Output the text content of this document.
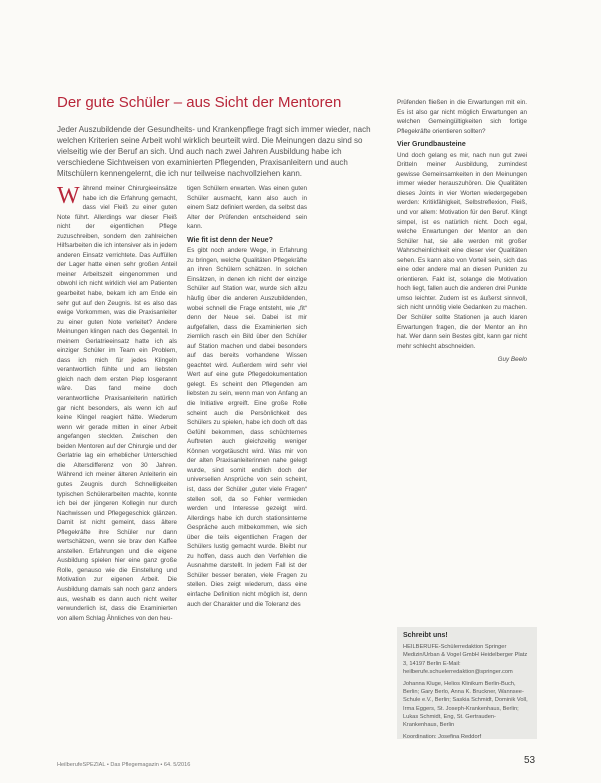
Der gute Schüler – aus Sicht der Mentoren

Jeder Auszubildende der Gesundheits- und Krankenpflege fragt sich immer wieder, nach welchen Kriterien seine Arbeit wohl wirklich beurteilt wird. Die Meinungen dazu sind so vielseitig wie der Beruf an sich. Und auch nach zwei Jahren Ausbildung habe ich verschiedene Sichtweisen von examinierten Pflegenden, Praxisanleitern und auch Mitschülern kennengelernt, die ich nur teilweise nachvollziehen kann.

W ährend meiner Chirurgieeinsätze habe ich die Erfahrung gemacht, dass viel Fleiß zu einer guten Note führt. Allerdings war dieser Fleiß nicht der eigentlichen Pflege zuzuschreiben, sondern den zahlreichen Hilfsarbeiten die ich intensiver als in jedem anderen Einsatz verrichtete. Das Auffüllen der Lager hatte einen sehr großen Anteil meiner Arbeitszeit eingenommen und obwohl ich nicht wirklich viel am Patienten gearbeitet habe, bekam ich am Ende ein sehr gut auf den Zeugnis. Ist es also das ewige Vorkommen, was die Praxisanleiter zu einer guten Note verleitet? Andere Meinungen klingen nach des Gegenteil. In meinem Gerlatrieeinsatz hatte ich als einziger Schüler im Team ein Problem, dass ich mich für jedes Klingeln verantwortlich fühlte und am liebsten gleich nach dem ersten Piep losgerannt wäre. Das fand meine doch verantwortliche Praxisanleiterin natürlich gar nicht besonders, als wenn ich auf keine Klingel reagiert hätte. Wiederum wenn wir gerade mitten in einer Arbeit angefangen steckten. Zwischen den beiden Mentoren auf der Chirurgie und der Gerlatrie lag ein erheblicher Unterschied die Altersdifferenz von 30 Jahren. Während ich meiner älteren Anleiterin ein gutes Zeugnis durch Schnelligkeiten typischen Schülerarbeiten machte, konnte ich bei der jüngeren Kollegin nur durch Nachwissen und Pflegegeschick glänzen. Damit ist nicht gemeint, dass ältere Pflegekräfte ihre Schüler nur dann wertschätzen, wenn sie brav den Kaffee anstellen. Erfahrungen und die eigene Ausbildung spielen hier eine ganz große Rolle, genauso wie die Einstellung und Motivation zur eigenen Arbeit. Die Ausbildung damals sah noch ganz anders aus, weshalb es dann auch nicht weiter verwunderlich ist, dass die Examinierten von allem Schlag Ähnliches von den heu-

tigen Schülern erwarten. Was einen guten Schüler ausmacht, kann also auch in einem Satz definiert werden, da selbst das Alter der Prüfenden entscheidend sein kann.

Wie fit ist denn der Neue?

Es gibt noch andere Wege, in Erfahrung zu bringen, welche Qualitäten Pflegekräfte an ihren Schülern schätzen. In solchen Einsätzen, in denen ich nicht der einzige Schüler auf Station war, wurde sich allzu häufig über die anderen Auszubildenden, wobei schnell die Frage entsteht, wie „fit“ denn der Neue sei. Dabei ist mir aufgefallen, dass die Examinierten sich ziemlich rasch ein Bild über den Schüler auf Station machen und dabei besonders auf das bereits vorhandene Wissen geachtet wird. Außerdem wird sehr viel Wert auf eine gute Pflegedokumentation gelegt. Es scheint den Pflegenden am liebsten zu sein, wenn man von Anfang an die Initiative ergreift. Eine große Rolle scheint auch die Persönlichkeit des Schülers zu spielen, habe ich doch oft das Gefühl bekommen, dass schüchternes Auftreten auch gleichzeitig weniger Können vorgetäuscht wird. Was mir von der alten Praxisanleiterinnen nahe gelegt wurde, sind somit endlich doch der universellen Ansprüche von sein scheint, ist, dass der Schüler „guter viele Fragen“ stellen soll, da so Fehler vermieden werden und Interesse gezeigt wird. Allerdings habe ich durch stationsinterne Gespräche auch mitbekommen, wie sich über die teils eigentlichen Fragen der Schülers lustig gemacht wurde. Bleibt nur zu hoffen, dass auch den Verfehlen die Ausnahme darstellt. In jedem Fall ist der Schüler besser beraten, viele Fragen zu stellen. Dies zeigt wiederum, dass eine einfache Definition nicht möglich ist, denn auch der Charakter und die Toleranz des

Prüfenden fließen in die Erwartungen mit ein. Es ist also gar nicht möglich Erwartungen an welchen Gemeingültigkeiten sich fortige Pflegekräfte orientieren sollten?

Vier Grundbausteine

Und doch gelang es mir, nach nun gut zwei Dritteln meiner Ausbildung, zumindest gewisse Gemeinsamkeiten in den Meinungen immer wieder herauszuhören. Die Qualitäten dieses Joints in vier Worten wiedergegeben werden: Kritikfähigkeit, Selbstreflexion, Fleiß, und vor allem: Motivation für den Beruf. Klingt simpel, ist es natürlich nicht. Doch egal, welche Erwartungen der Mentor an den Schüler hat, sie alle werden mit großer Wahrscheinlichkeit eine dieser vier Qualitäten sehen. Es kann also von Vorteil sein, sich das eine oder andere mal an diesen Punkten zu orientieren. Fakt ist, solange die Motivation hoch liegt, fallen auch die anderen drei Punkte umso leichter. Zudem ist es äußerst sinnvoll, sich nicht unnötig viele Gedanken zu machen. Der Schüler sollte Stationen ja auch klaren Erwartungen fragen, die der Mentor an ihn hat. Wer dann sein Bestes gibt, kann gar nicht mehr schlecht abschneiden.

Guy Beelo

Schreibt uns!

HEILBERUFE-Schülerredaktion Springer Medizin/Urban & Vogel GmbH Heidelberger Platz 3, 14197 Berlin E-Mail: heilberufe.schuelerredaktion@springer.com

Johanna Kluge, Helios Klinikum Berlin-Buch, Berlin; Gary Berlo, Anna K. Bruckner, Wannsee-Schule e.V., Berlin; Saskia Schmidt, Dominik Voll, Irma Eggers, St. Joseph-Krankenhaus, Berlin; Lukas Schmidt, Eng, St. Gertrauden-Krankenhaus, Berlin

Koordination: Josefina Reddorf

HeilberufeSPEZIAL • Das Pflegemagazin • 64. 5/2016	53
